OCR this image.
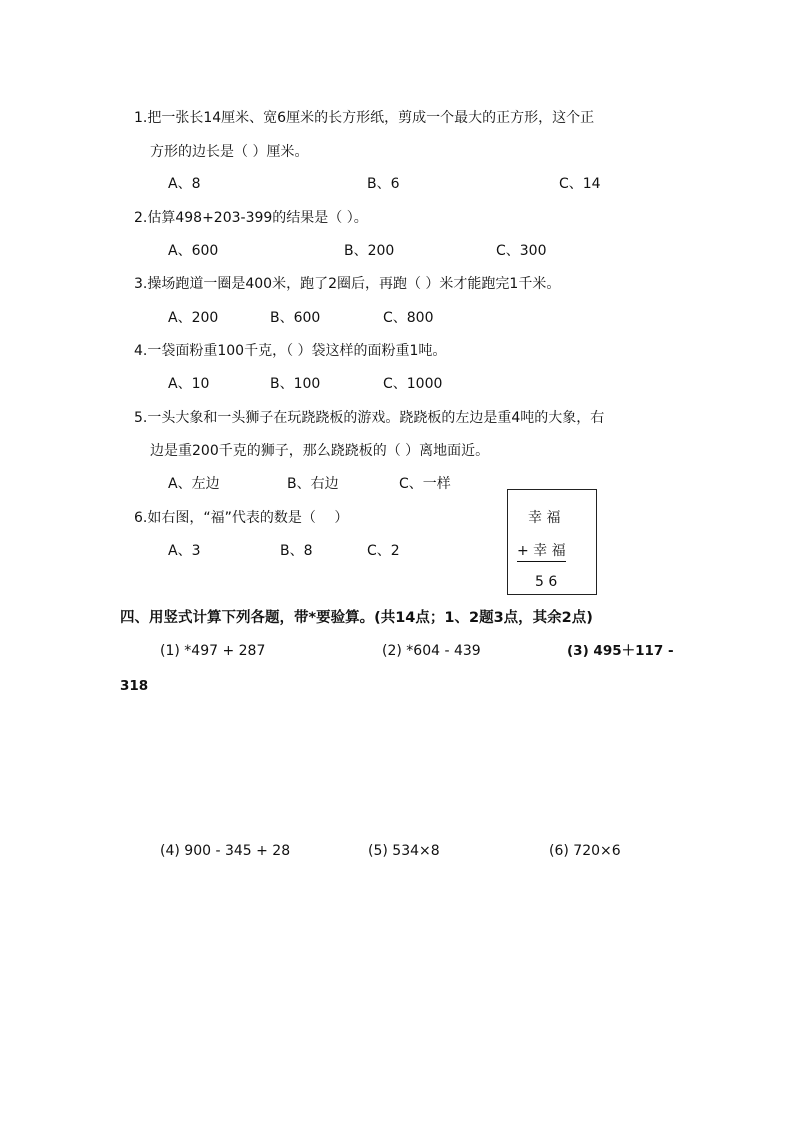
1.把一张长14厘米、宽6厘米的长方形纸，剪成一个最大的正方形，这个正
方形的边长是（ ）厘米。
A、8	B、6	C、14
2.估算498+203-399的结果是（ ）。
A、600	B、200	C、300
3.操场跑道一圈是400米，跑了2圈后，再跑（ ）米才能跑完1千米。
A、200	B、600	C、800
4.一袋面粉重100千克，（ ）袋这样的面粉重1吨。
A、10	B、100	C、1000
5.一头大象和一头狮子在玩跷跷板的游戏。跷跷板的左边是重4吨的大象，右
边是重200千克的狮子，那么跷跷板的（ ）离地面近。
A、左边	B、右边	C、一样
6.如右图，“福”代表的数是（　 ）
A、3	B、8	C、2
幸 福
+ 幸 福
5 6
四、用竖式计算下列各题，带*要验算。(共14点；1、2题3点，其余2点)
(1) *497 + 287	(2) *604 - 439	(3) 495＋117 -
318
(4) 900 - 345 + 28	(5) 534×8	(6) 720×6
